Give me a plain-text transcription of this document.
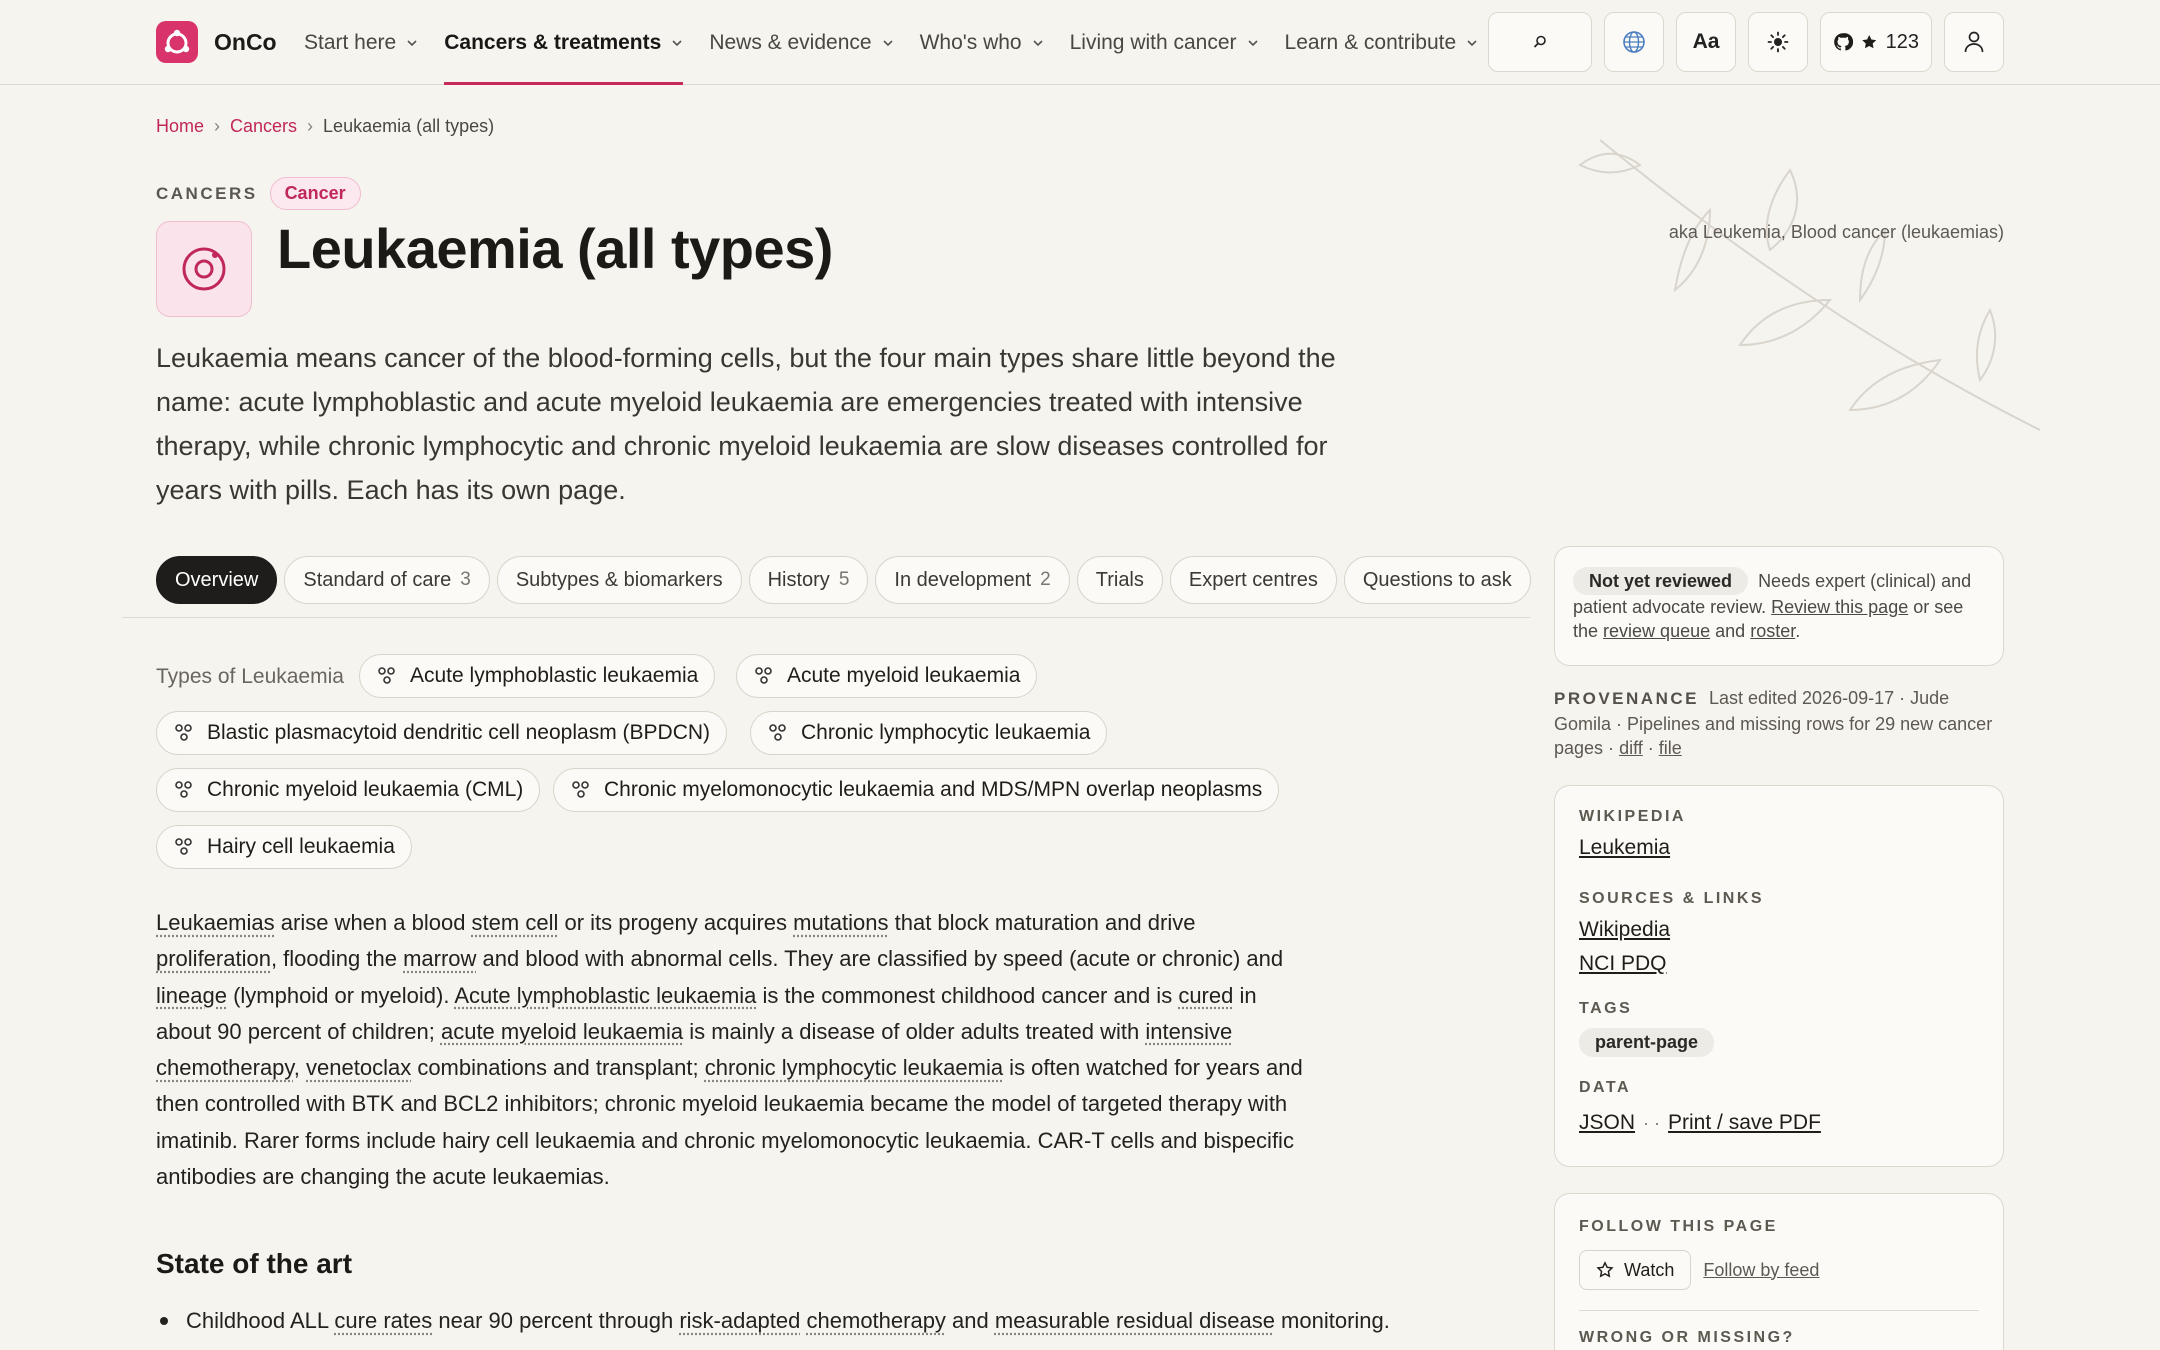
OnCo Start here Cancers & treatments News & evidence Who's who Living with cancer Learn & contribute	Aa	123
Home › Cancers › Leukaemia (all types)
CANCERS	Cancer
Leukaemia (all types)	aka Leukemia, Blood cancer (leukaemias)

Leukaemia means cancer of the blood-forming cells, but the four main types share little beyond the name: acute lymphoblastic and acute myeloid leukaemia are emergencies treated with intensive therapy, while chronic lymphocytic and chronic myeloid leukaemia are slow diseases controlled for years with pills. Each has its own page.

Overview Standard of care 3 Subtypes & biomarkers History 5 In development 2 Trials Expert centres Questions to ask
Types of Leukaemia	Acute lymphoblastic leukaemia	Acute myeloid leukaemia
Blastic plasmacytoid dendritic cell neoplasm (BPDCN)	Chronic lymphocytic leukaemia
Chronic myeloid leukaemia (CML)	Chronic myelomonocytic leukaemia and MDS/MPN overlap neoplasms
Hairy cell leukaemia

Leukaemias arise when a blood stem cell or its progeny acquires mutations that block maturation and drive proliferation, flooding the marrow and blood with abnormal cells. They are classified by speed (acute or chronic) and lineage (lymphoid or myeloid). Acute lymphoblastic leukaemia is the commonest childhood cancer and is cured in about 90 percent of children; acute myeloid leukaemia is mainly a disease of older adults treated with intensive chemotherapy, venetoclax combinations and transplant; chronic lymphocytic leukaemia is often watched for years and then controlled with BTK and BCL2 inhibitors; chronic myeloid leukaemia became the model of targeted therapy with imatinib. Rarer forms include hairy cell leukaemia and chronic myelomonocytic leukaemia. CAR-T cells and bispecific antibodies are changing the acute leukaemias.

State of the art
Childhood ALL cure rates near 90 percent through risk-adapted chemotherapy and measurable residual disease monitoring.
Not yet reviewed Needs expert (clinical) and patient advocate review. Review this page or see the review queue and roster.
PROVENANCE Last edited 2026-09-17 · Jude Gomila · Pipelines and missing rows for 29 new cancer pages · diff · file
WIKIPEDIA
Leukemia
SOURCES & LINKS
Wikipedia
NCI PDQ
TAGS
parent-page
DATA
JSON · · Print / save PDF
FOLLOW THIS PAGE
Watch Follow by feed
WRONG OR MISSING?
